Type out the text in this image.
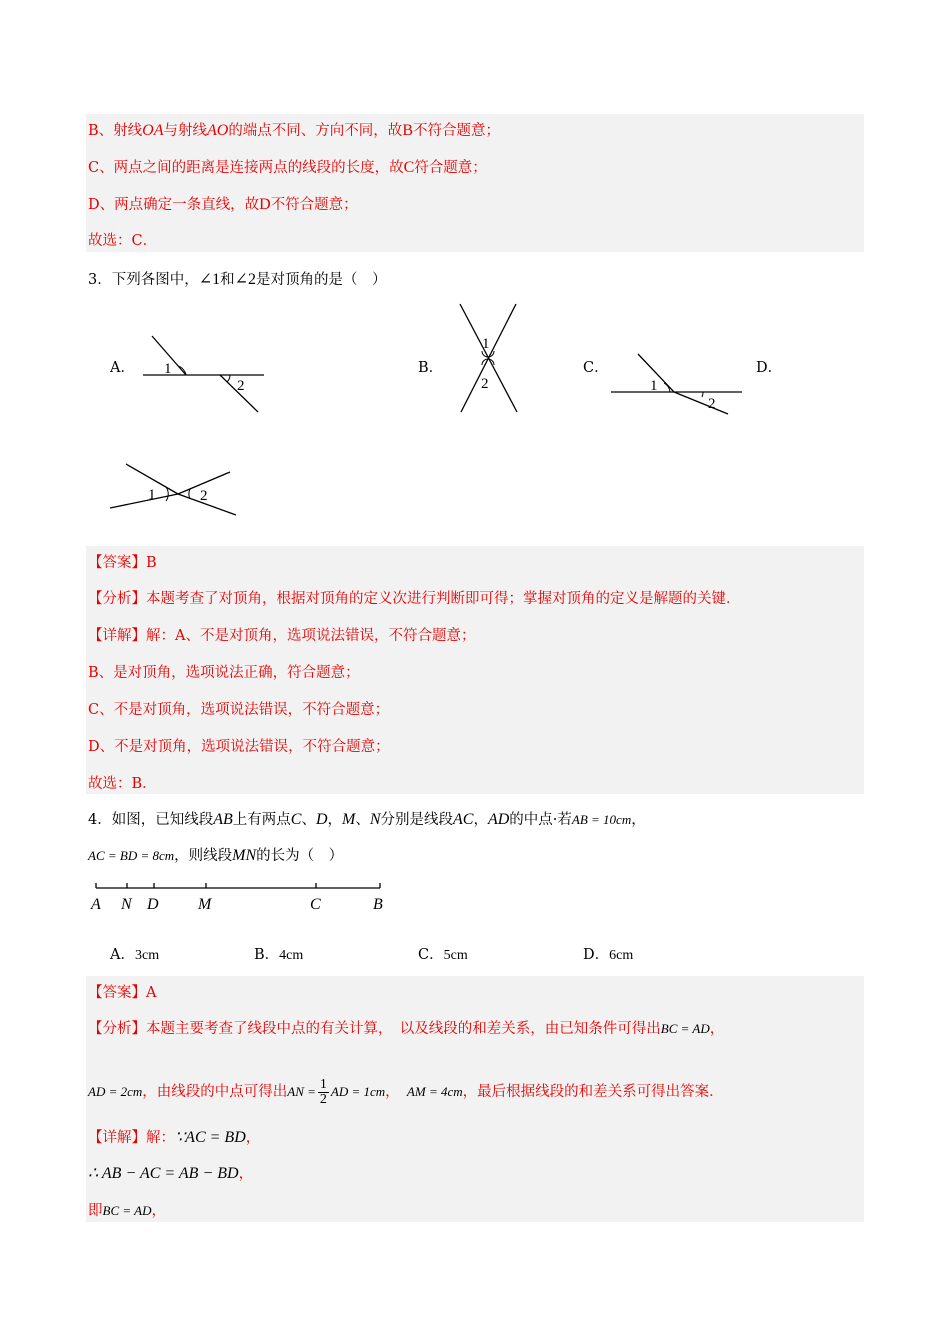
B、射线OA与射线AO的端点不同、方向不同，故B不符合题意；
C、两点之间的距离是连接两点的线段的长度，故C符合题意；
D、两点确定一条直线，故D不符合题意；
故选：C．
3．下列各图中，∠1和∠2是对顶角的是（　）
A．	B．	C．	D．
1
2
1
2	1
2
1	2
【答案】B
【分析】本题考查了对顶角，根据对顶角的定义次进行判断即可得；掌握对顶角的定义是解题的关键．
【详解】解：A、不是对顶角，选项说法错误，不符合题意；
B、是对顶角，选项说法正确，符合题意；
C、不是对顶角，选项说法错误，不符合题意；
D、不是对顶角，选项说法错误，不符合题意；
故选：B．
4．如图，已知线段AB上有两点C、D，M、N分别是线段AC，AD的中点·若AB = 10cm，
AC = BD = 8cm，则线段MN的长为（　）
A N D M	C	B
A．3cm	B．4cm	C．5cm	D．6cm
【答案】A
【分析】本题主要考查了线段中点的有关计算，　以及线段的和差关系，由已知条件可得出BC = AD，
AD = 2cm，由线段的中点可得出AN = $\frac{1}{2}$ AD = 1cm，　 AM = 4cm，最后根据线段的和差关系可得出答案．
【详解】解：∵AC = BD，
∴ AB − AC = AB − BD，
即BC = AD，
